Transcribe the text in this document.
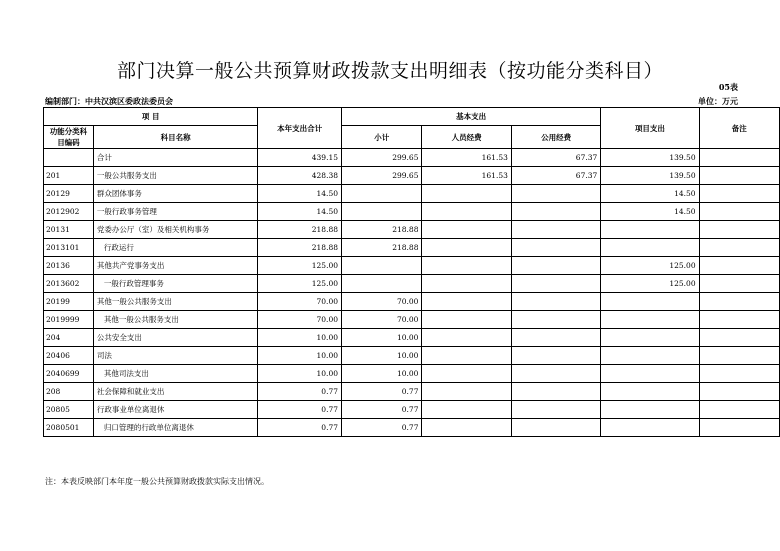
部门决算一般公共预算财政拨款支出明细表（按功能分类科目）
05表
编制部门：中共汉滨区委政法委员会	单位：万元
项 目		本年支出合计	基本支出			项目支出	备注
功能分类科目编码	科目名称		小计	人员经费	公用经费		

	合计	439.15	299.65	161.53	67.37	139.50	
201	一般公共服务支出	428.38	299.65	161.53	67.37	139.50	
20129	群众团体事务	14.50				14.50	
2012902	一般行政事务管理	14.50				14.50	
20131	党委办公厅（室）及相关机构事务	218.88	218.88				
2013101	行政运行	218.88	218.88				
20136	其他共产党事务支出	125.00				125.00	
2013602	一般行政管理事务	125.00				125.00	
20199	其他一般公共服务支出	70.00	70.00				
2019999	其他一般公共服务支出	70.00	70.00				
204	公共安全支出	10.00	10.00				
20406	司法	10.00	10.00				
2040699	其他司法支出	10.00	10.00				
208	社会保障和就业支出	0.77	0.77				
20805	行政事业单位离退休	0.77	0.77				
2080501	归口管理的行政单位离退休	0.77	0.77				
注：本表反映部门本年度一般公共预算财政拨款实际支出情况。
